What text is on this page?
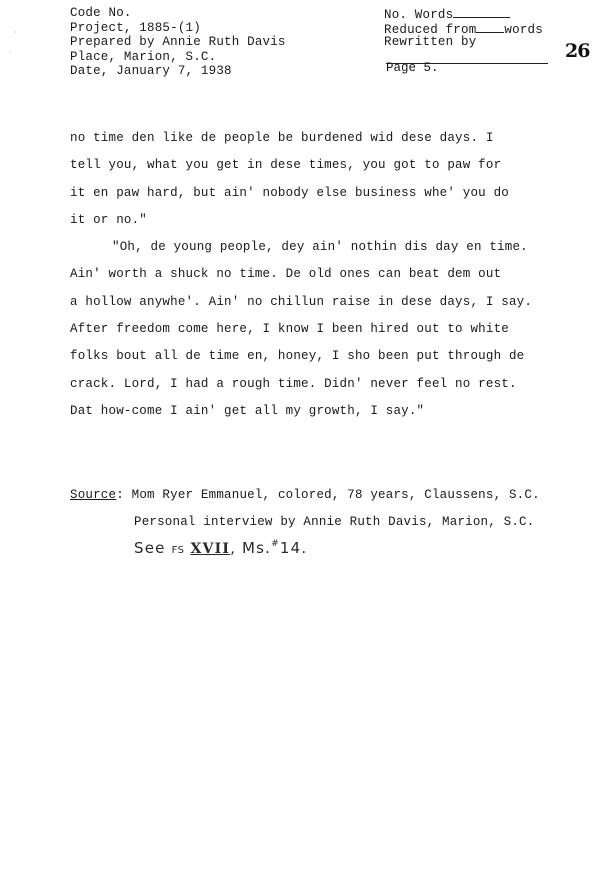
Code No.
Project, 1885-(1)
Prepared by Annie Ruth Davis
Place, Marion, S.C.
Date, January 7, 1938
No. Words
Reduced from words
Rewritten by
Page 5.
26
·
·
no time den like de people be burdened wid dese days. I
tell you, what you get in dese times, you got to paw for
it en paw hard, but ain' nobody else business whe' you do
it or no."
"Oh, de young people, dey ain' nothin dis day en time.
Ain' worth a shuck no time. De old ones can beat dem out
a hollow anywhe'. Ain' no chillun raise in dese days, I say.
After freedom come here, I know I been hired out to white
folks bout all de time en, honey, I sho been put through de
crack. Lord, I had a rough time. Didn' never feel no rest.
Dat how-come I ain' get all my growth, I say."
Source: Mom Ryer Emmanuel, colored, 78 years, Claussens, S.C.
Personal interview by Annie Ruth Davis, Marion, S.C.
See FS XVII, Ms.#14.
